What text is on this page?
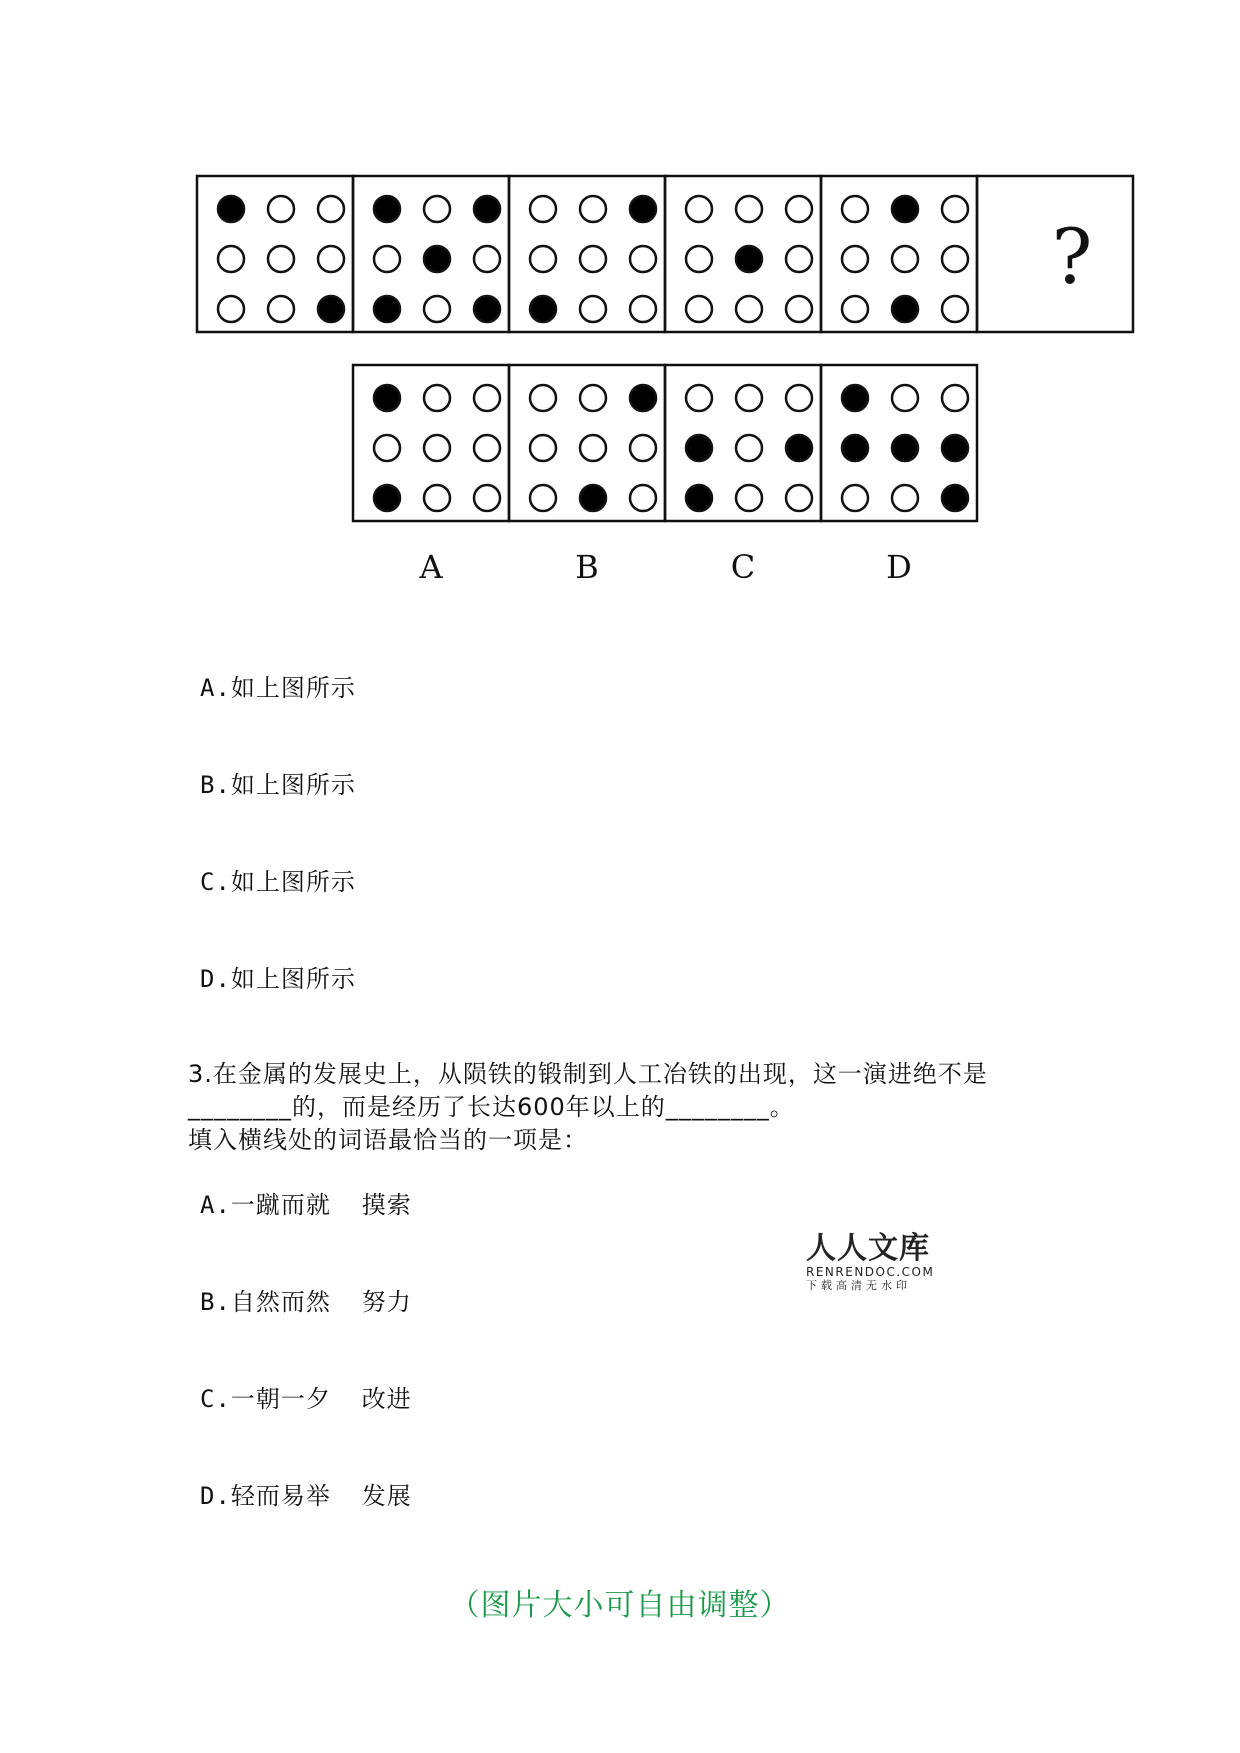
A	B	C	D
?
A.如上图所示
B.如上图所示
C.如上图所示
D.如上图所示
3.在金属的发展史上，从陨铁的锻制到人工冶铁的出现，这一演进绝不是
________的，而是经历了长达600年以上的________。
填入横线处的词语最恰当的一项是：
A.一蹴而就  摸索
B.自然而然  努力
C.一朝一夕  改进
D.轻而易举  发展
人人文库
RENRENDOC.COM
下载高清无水印
（图片大小可自由调整）
